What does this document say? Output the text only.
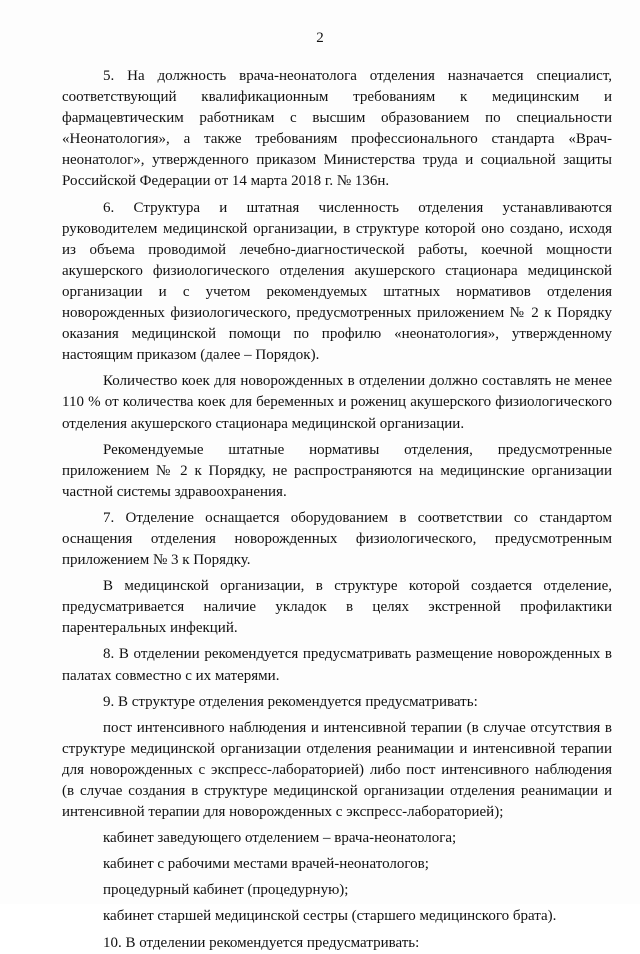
2

5. На должность врача-неонатолога отделения назначается специалист, соответствующий квалификационным требованиям к медицинским и фармацевтическим работникам с высшим образованием по специальности «Неонатология», а также требованиям профессионального стандарта «Врач-неонатолог», утвержденного приказом Министерства труда и социальной защиты Российской Федерации от 14 марта 2018 г. № 136н.

6. Структура и штатная численность отделения устанавливаются руководителем медицинской организации, в структуре которой оно создано, исходя из объема проводимой лечебно-диагностической работы, коечной мощности акушерского физиологического отделения акушерского стационара медицинской организации и с учетом рекомендуемых штатных нормативов отделения новорожденных физиологического, предусмотренных приложением № 2 к Порядку оказания медицинской помощи по профилю «неонатология», утвержденному настоящим приказом (далее – Порядок).

Количество коек для новорожденных в отделении должно составлять не менее 110 % от количества коек для беременных и рожениц акушерского физиологического отделения акушерского стационара медицинской организации.

Рекомендуемые штатные нормативы отделения, предусмотренные приложением № 2 к Порядку, не распространяются на медицинские организации частной системы здравоохранения.

7. Отделение оснащается оборудованием в соответствии со стандартом оснащения отделения новорожденных физиологического, предусмотренным приложением № 3 к Порядку.

В медицинской организации, в структуре которой создается отделение, предусматривается наличие укладок в целях экстренной профилактики парентеральных инфекций.

8. В отделении рекомендуется предусматривать размещение новорожденных в палатах совместно с их матерями.

9. В структуре отделения рекомендуется предусматривать:

пост интенсивного наблюдения и интенсивной терапии (в случае отсутствия в структуре медицинской организации отделения реанимации и интенсивной терапии для новорожденных с экспресс-лабораторией) либо пост интенсивного наблюдения (в случае создания в структуре медицинской организации отделения реанимации и интенсивной терапии для новорожденных с экспресс-лабораторией);

кабинет заведующего отделением – врача-неонатолога;

кабинет с рабочими местами врачей-неонатологов;

процедурный кабинет (процедурную);

кабинет старшей медицинской сестры (старшего медицинского брата).

10. В отделении рекомендуется предусматривать:
